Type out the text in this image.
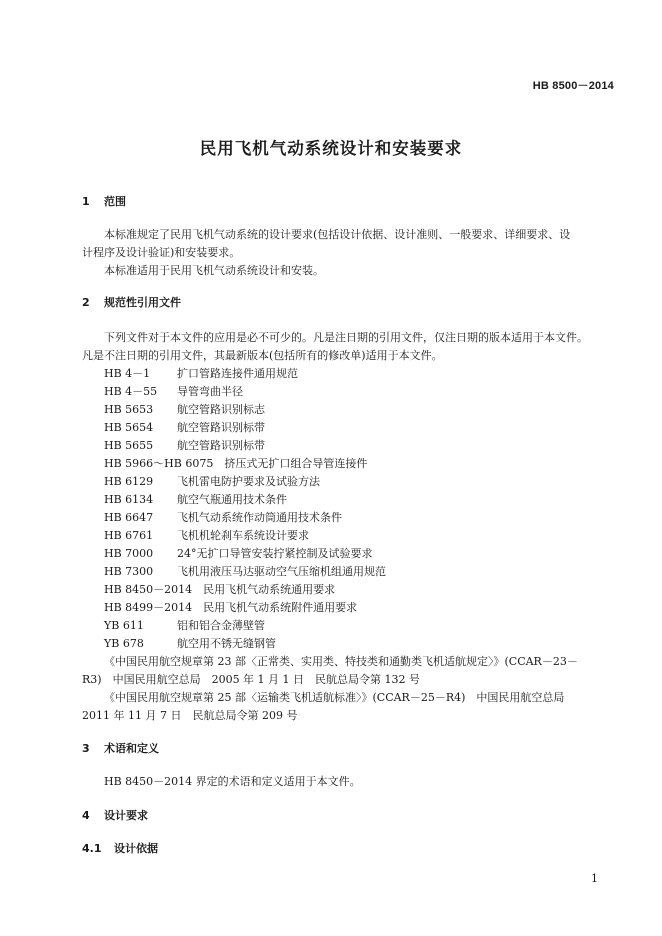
HB 8500－2014
民用飞机气动系统设计和安装要求
1 范围
本标准规定了民用飞机气动系统的设计要求(包括设计依据、设计准则、一般要求、详细要求、设
计程序及设计验证)和安装要求。
本标准适用于民用飞机气动系统设计和安装。
2 规范性引用文件
下列文件对于本文件的应用是必不可少的。凡是注日期的引用文件，仅注日期的版本适用于本文件。
凡是不注日期的引用文件，其最新版本(包括所有的修改单)适用于本文件。
HB 4－1　 扩口管路连接件通用规范
HB 4－55　 导管弯曲半径
HB 5653　 航空管路识别标志
HB 5654　 航空管路识别标带
HB 5655　 航空管路识别标带
HB 5966～HB 6075　 挤压式无扩口组合导管连接件
HB 6129　 飞机雷电防护要求及试验方法
HB 6134　 航空气瓶通用技术条件
HB 6647　 飞机气动系统作动筒通用技术条件
HB 6761　 飞机机轮刹车系统设计要求
HB 7000　 24°无扩口导管安装拧紧控制及试验要求
HB 7300　 飞机用液压马达驱动空气压缩机组通用规范
HB 8450－2014　 民用飞机气动系统通用要求
HB 8499－2014　 民用飞机气动系统附件通用要求
YB 611　	铝和铝合金薄壁管
YB 678　	航空用不锈无缝钢管
《中国民用航空规章第 23 部〈正常类、实用类、特技类和通勤类飞机适航规定〉》(CCAR－23－
R3)　中国民用航空总局　2005 年 1 月 1 日　民航总局令第 132 号
《中国民用航空规章第 25 部〈运输类飞机适航标准〉》(CCAR－25－R4)　中国民用航空总局
2011 年 11 月 7 日　民航总局令第 209 号
3 术语和定义
HB 8450－2014 界定的术语和定义适用于本文件。
4 设计要求
4.1 设计依据
1
